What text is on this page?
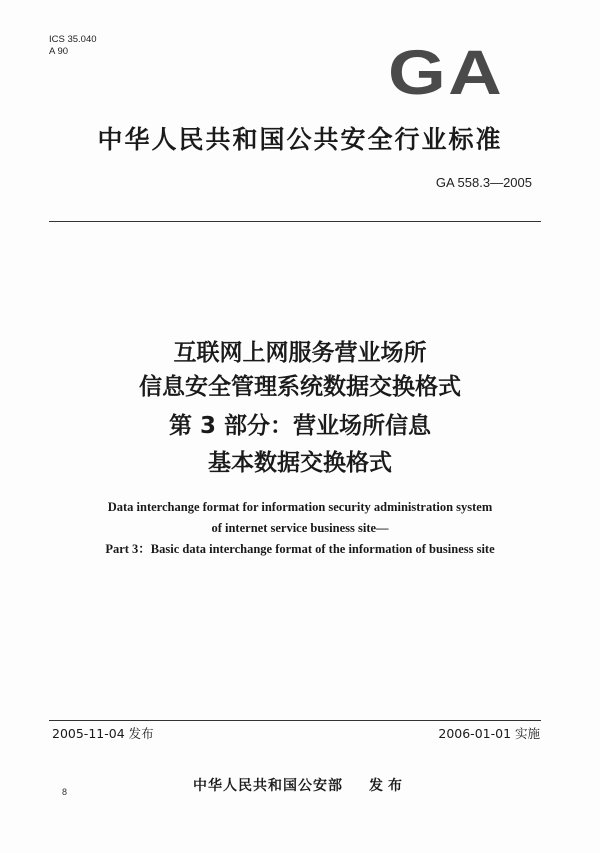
ICS 35.040
A 90	GA
中华人民共和国公共安全行业标准
GA 558.3—2005
互联网上网服务营业场所
信息安全管理系统数据交换格式
第 3 部分：营业场所信息
基本数据交换格式
Data interchange format for information security administration system
of internet service business site—
Part 3：Basic data interchange format of the information of business site
2005-11-04 发布	2006-01-01 实施
8	中华人民共和国公安部 发布
